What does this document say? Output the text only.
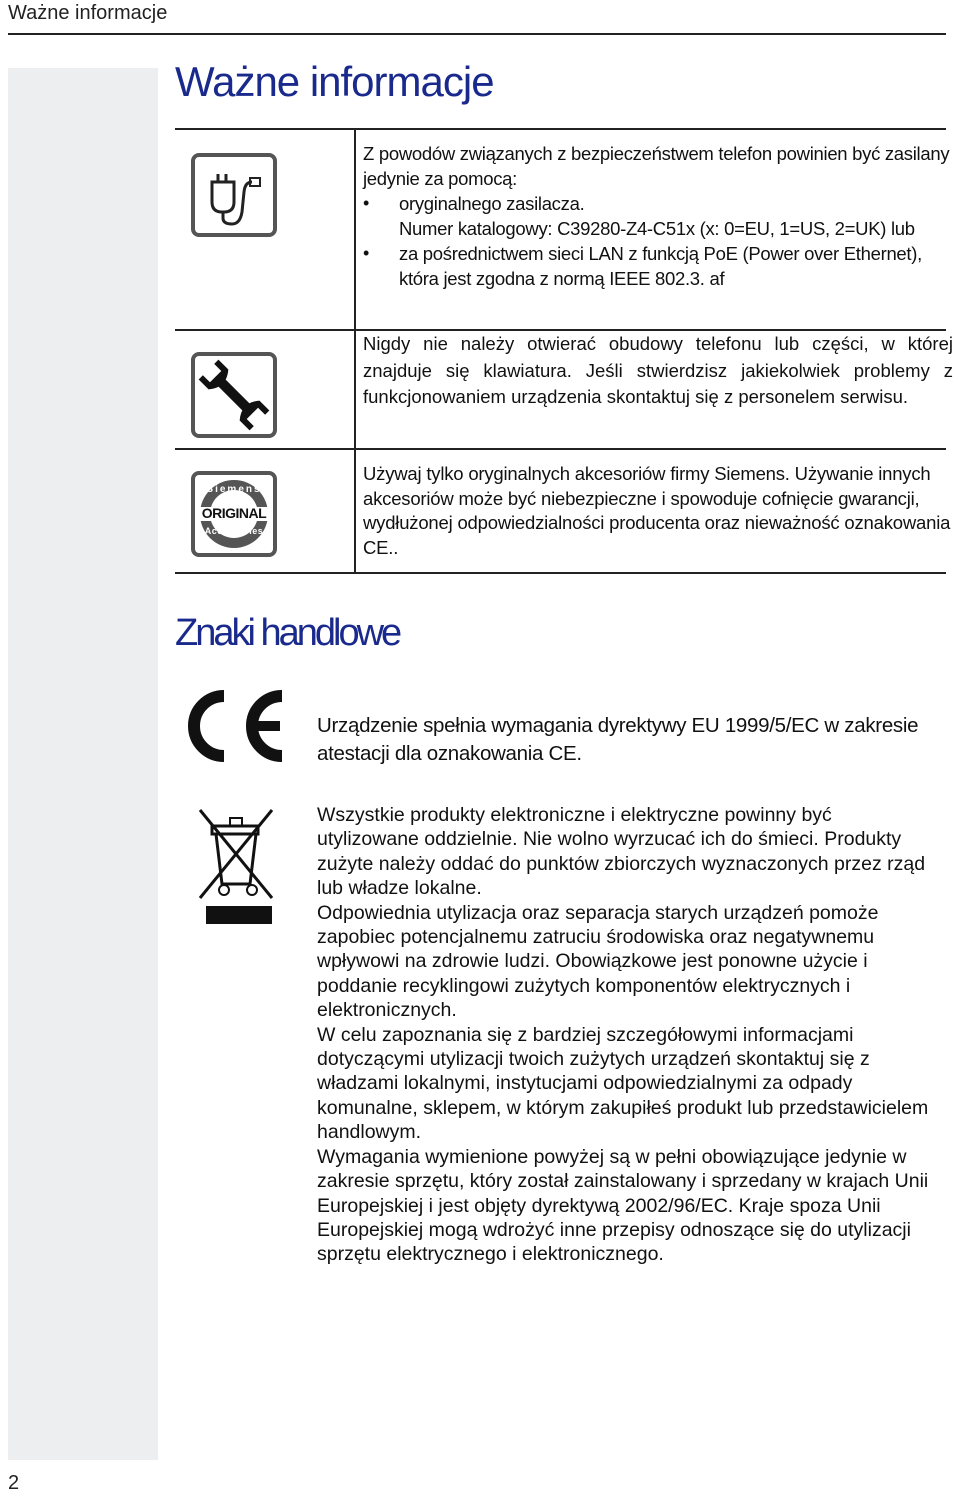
Ważne informacje
2
Ważne informacje
Z powodów związanych z bezpieczeństwem telefon powinien być zasilany jedynie za pomocą:
• oryginalnego zasilacza.
Numer katalogowy: C39280-Z4-C51x (x: 0=EU, 1=US, 2=UK) lub
• za pośrednictwem sieci LAN z funkcją PoE (Power over Ethernet), która jest zgodna z normą IEEE 802.3. af
Nigdy nie należy otwierać obudowy telefonu lub części, w której znajduje się klawiatura. Jeśli stwierdzisz jakiekolwiek problemy z funkcjonowaniem urządzenia skontaktuj się z personelem serwisu.
Siemens
ORIGINAL
Accessories
Używaj tylko oryginalnych akcesoriów firmy Siemens. Używanie innych akcesoriów może być niebezpieczne i spowoduje cofnięcie gwarancji, wydłużonej odpowiedzialności producenta oraz nieważność oznakowania CE..
Znaki handlowe
Urządzenie spełnia wymagania dyrektywy EU 1999/5/EC w zakresie atestacji dla oznakowania CE.
Wszystkie produkty elektroniczne i elektryczne powinny być utylizowane oddzielnie. Nie wolno wyrzucać ich do śmieci. Produkty zużyte należy oddać do punktów zbiorczych wyznaczonych przez rząd lub władze lokalne.
Odpowiednia utylizacja oraz separacja starych urządzeń pomoże zapobiec potencjalnemu zatruciu środowiska oraz negatywnemu wpływowi na zdrowie ludzi. Obowiązkowe jest ponowne użycie i poddanie recyklingowi zużytych komponentów elektrycznych i elektronicznych.
W celu zapoznania się z bardziej szczegółowymi informacjami dotyczącymi utylizacji twoich zużytych urządzeń skontaktuj się z władzami lokalnymi, instytucjami odpowiedzialnymi za odpady komunalne, sklepem, w którym zakupiłeś produkt lub przedstawicielem handlowym.
Wymagania wymienione powyżej są w pełni obowiązujące jedynie w zakresie sprzętu, który został zainstalowany i sprzedany w krajach Unii Europejskiej i jest objęty dyrektywą 2002/96/EC. Kraje spoza Unii Europejskiej mogą wdrożyć inne przepisy odnoszące się do utylizacji sprzętu elektrycznego i elektronicznego.
